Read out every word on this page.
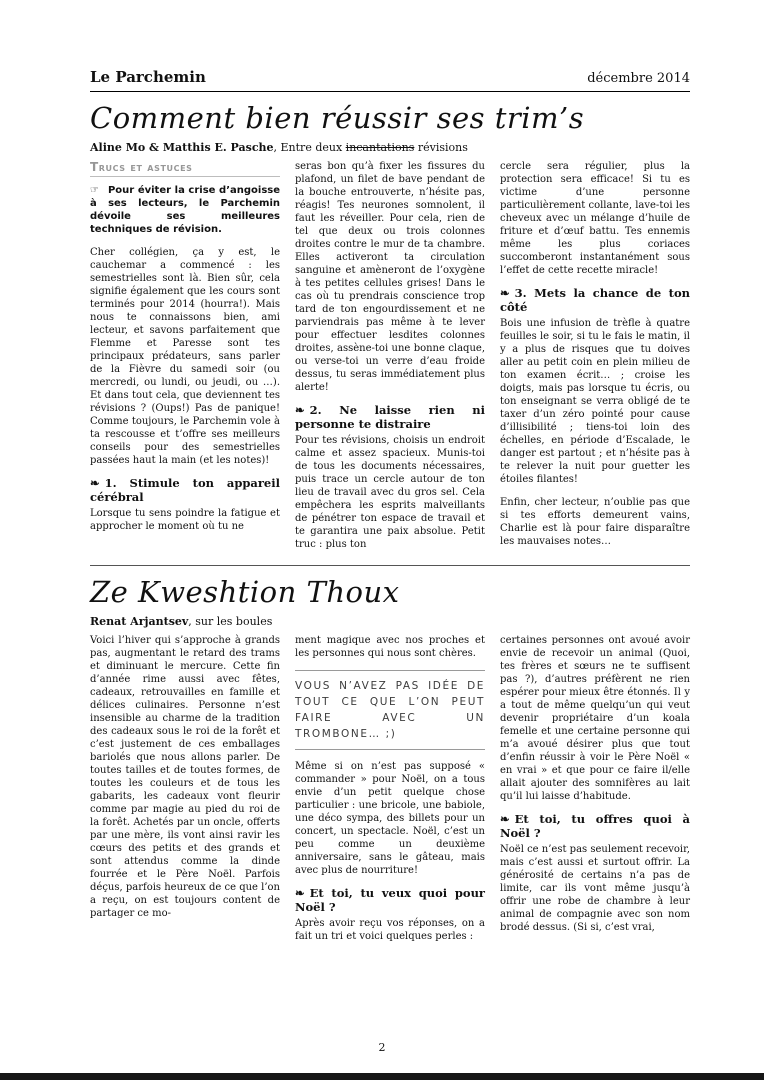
Le Parchemin	décembre 2014
Comment bien réussir ses trim’s
Aline Mo & Matthis E. Pasche, Entre deux incantations révisions
Trucs et astuces

☞ Pour éviter la crise d’angoisse à ses lecteurs, le Parchemin dévoile ses meilleures techniques de révision.

Cher collégien, ça y est, le cauchemar a commencé : les semestrielles sont là. Bien sûr, cela signifie également que les cours sont terminés pour 2014 (hourra!). Mais nous te connaissons bien, ami lecteur, et savons parfaitement que Flemme et Paresse sont tes principaux prédateurs, sans parler de la Fièvre du samedi soir (ou mercredi, ou lundi, ou jeudi, ou …). Et dans tout cela, que deviennent tes révisions ? (Oups!) Pas de panique! Comme toujours, le Parchemin vole à ta rescousse et t’offre ses meilleurs conseils pour des semestrielles passées haut la main (et les notes)!

❧ 1. Stimule ton appareil cérébral

Lorsque tu sens poindre la fatigue et approcher le moment où tu ne

seras bon qu’à fixer les fissures du plafond, un filet de bave pendant de la bouche entrouverte, n’hésite pas, réagis! Tes neurones somnolent, il faut les réveiller. Pour cela, rien de tel que deux ou trois colonnes droites contre le mur de ta chambre. Elles activeront ta circulation sanguine et amèneront de l’oxygène à tes petites cellules grises! Dans le cas où tu prendrais conscience trop tard de ton engourdissement et ne parviendrais pas même à te lever pour effectuer lesdites colonnes droites, assène-toi une bonne claque, ou verse-toi un verre d’eau froide dessus, tu seras immédiatement plus alerte!

❧ 2. Ne laisse rien ni personne te distraire

Pour tes révisions, choisis un endroit calme et assez spacieux. Munis-toi de tous les documents nécessaires, puis trace un cercle autour de ton lieu de travail avec du gros sel. Cela empêchera les esprits malveillants de pénétrer ton espace de travail et te garantira une paix absolue. Petit truc : plus ton

cercle sera régulier, plus la protection sera efficace! Si tu es victime d’une personne particulièrement collante, lave-toi les cheveux avec un mélange d’huile de friture et d’œuf battu. Tes ennemis même les plus coriaces succomberont instantanément sous l’effet de cette recette miracle!

❧ 3. Mets la chance de ton côté

Bois une infusion de trèfle à quatre feuilles le soir, si tu le fais le matin, il y a plus de risques que tu doives aller au petit coin en plein milieu de ton examen écrit… ; croise les doigts, mais pas lorsque tu écris, ou ton enseignant se verra obligé de te taxer d’un zéro pointé pour cause d’illisibilité ; tiens-toi loin des échelles, en période d’Escalade, le danger est partout ; et n’hésite pas à te relever la nuit pour guetter les étoiles filantes!

Enfin, cher lecteur, n’oublie pas que si tes efforts demeurent vains, Charlie est là pour faire disparaître les mauvaises notes…

Ze Kweshtion Thoux
Renat Arjantsev, sur les boules

Voici l’hiver qui s’approche à grands pas, augmentant le retard des trams et diminuant le mercure. Cette fin d’année rime aussi avec fêtes, cadeaux, retrouvailles en famille et délices culinaires. Personne n’est insensible au charme de la tradition des cadeaux sous le roi de la forêt et c’est justement de ces emballages bariolés que nous allons parler. De toutes tailles et de toutes formes, de toutes les couleurs et de tous les gabarits, les cadeaux vont fleurir comme par magie au pied du roi de la forêt. Achetés par un oncle, offerts par une mère, ils vont ainsi ravir les cœurs des petits et des grands et sont attendus comme la dinde fourrée et le Père Noël. Parfois déçus, parfois heureux de ce que l’on a reçu, on est toujours content de partager ce mo-

ment magique avec nos proches et les personnes qui nous sont chères.

VOUS N’AVEZ PAS IDÉE DE TOUT CE QUE L’ON PEUT FAIRE AVEC UN TROMBONE… ;)

Même si on n’est pas supposé « commander » pour Noël, on a tous envie d’un petit quelque chose particulier : une bricole, une babiole, une déco sympa, des billets pour un concert, un spectacle. Noël, c’est un peu comme un deuxième anniversaire, sans le gâteau, mais avec plus de nourriture!

❧ Et toi, tu veux quoi pour Noël ?

Après avoir reçu vos réponses, on a fait un tri et voici quelques perles :

certaines personnes ont avoué avoir envie de recevoir un animal (Quoi, tes frères et sœurs ne te suffisent pas ?), d’autres préfèrent ne rien espérer pour mieux être étonnés. Il y a tout de même quelqu’un qui veut devenir propriétaire d’un koala femelle et une certaine personne qui m’a avoué désirer plus que tout d’enfin réussir à voir le Père Noël « en vrai » et que pour ce faire il/elle allait ajouter des somnifères au lait qu’il lui laisse d’habitude.

❧ Et toi, tu offres quoi à Noël ?

Noël ce n’est pas seulement recevoir, mais c’est aussi et surtout offrir. La générosité de certains n’a pas de limite, car ils vont même jusqu’à offrir une robe de chambre à leur animal de compagnie avec son nom brodé dessus. (Si si, c’est vrai,

2
